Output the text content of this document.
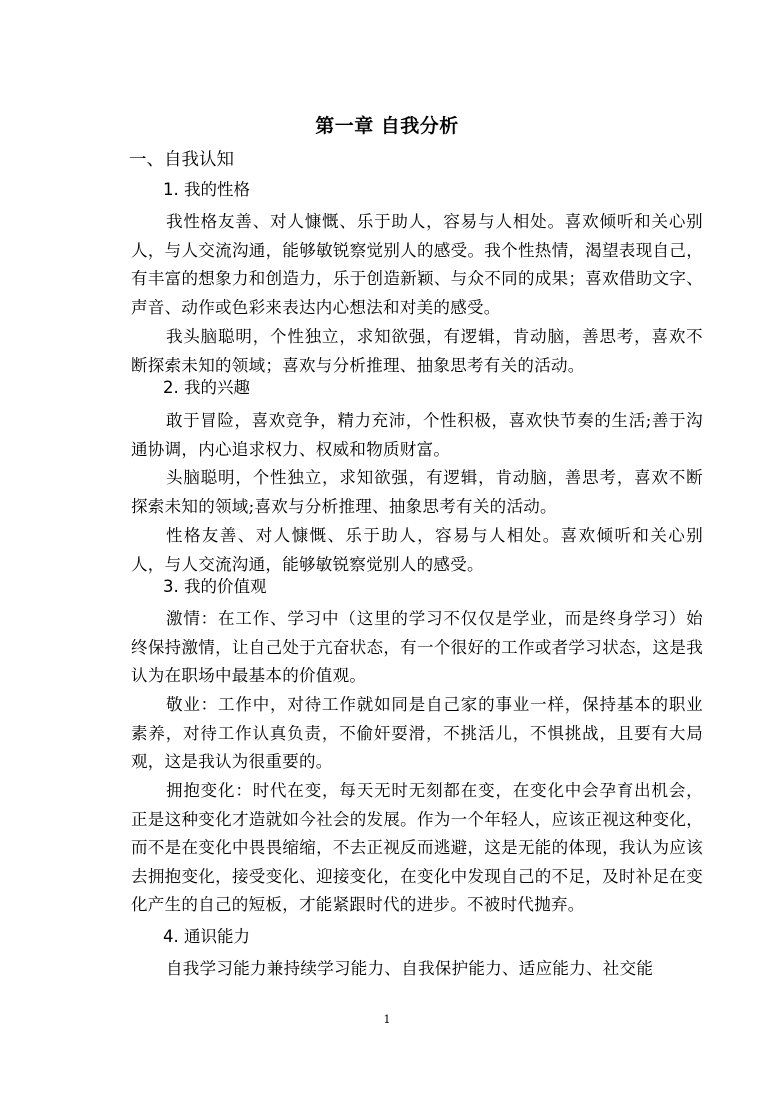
第一章 自我分析
一、自我认知
1. 我的性格

我性格友善、对人慷慨、乐于助人，容易与人相处。喜欢倾听和关心别人，与人交流沟通，能够敏锐察觉别人的感受。我个性热情，渴望表现自己，有丰富的想象力和创造力，乐于创造新颖、与众不同的成果；喜欢借助文字、声音、动作或色彩来表达内心想法和对美的感受。

我头脑聪明，个性独立，求知欲强，有逻辑，肯动脑，善思考，喜欢不断探索未知的领域；喜欢与分析推理、抽象思考有关的活动。

2. 我的兴趣

敢于冒险，喜欢竞争，精力充沛，个性积极，喜欢快节奏的生活;善于沟通协调，内心追求权力、权威和物质财富。

头脑聪明，个性独立，求知欲强，有逻辑，肯动脑，善思考，喜欢不断探索未知的领域;喜欢与分析推理、抽象思考有关的活动。

性格友善、对人慷慨、乐于助人，容易与人相处。喜欢倾听和关心别人，与人交流沟通，能够敏锐察觉别人的感受。

3. 我的价值观

激情：在工作、学习中（这里的学习不仅仅是学业，而是终身学习）始终保持激情，让自己处于亢奋状态，有一个很好的工作或者学习状态，这是我认为在职场中最基本的价值观。

敬业：工作中，对待工作就如同是自己家的事业一样，保持基本的职业素养，对待工作认真负责，不偷奸耍滑，不挑活儿，不惧挑战，且要有大局观，这是我认为很重要的。

拥抱变化：时代在变，每天无时无刻都在变，在变化中会孕育出机会，正是这种变化才造就如今社会的发展。作为一个年轻人，应该正视这种变化，而不是在变化中畏畏缩缩，不去正视反而逃避，这是无能的体现，我认为应该去拥抱变化，接受变化、迎接变化，在变化中发现自己的不足，及时补足在变化产生的自己的短板，才能紧跟时代的进步。不被时代抛弃。

4. 通识能力

自我学习能力兼持续学习能力、自我保护能力、适应能力、社交能

1
